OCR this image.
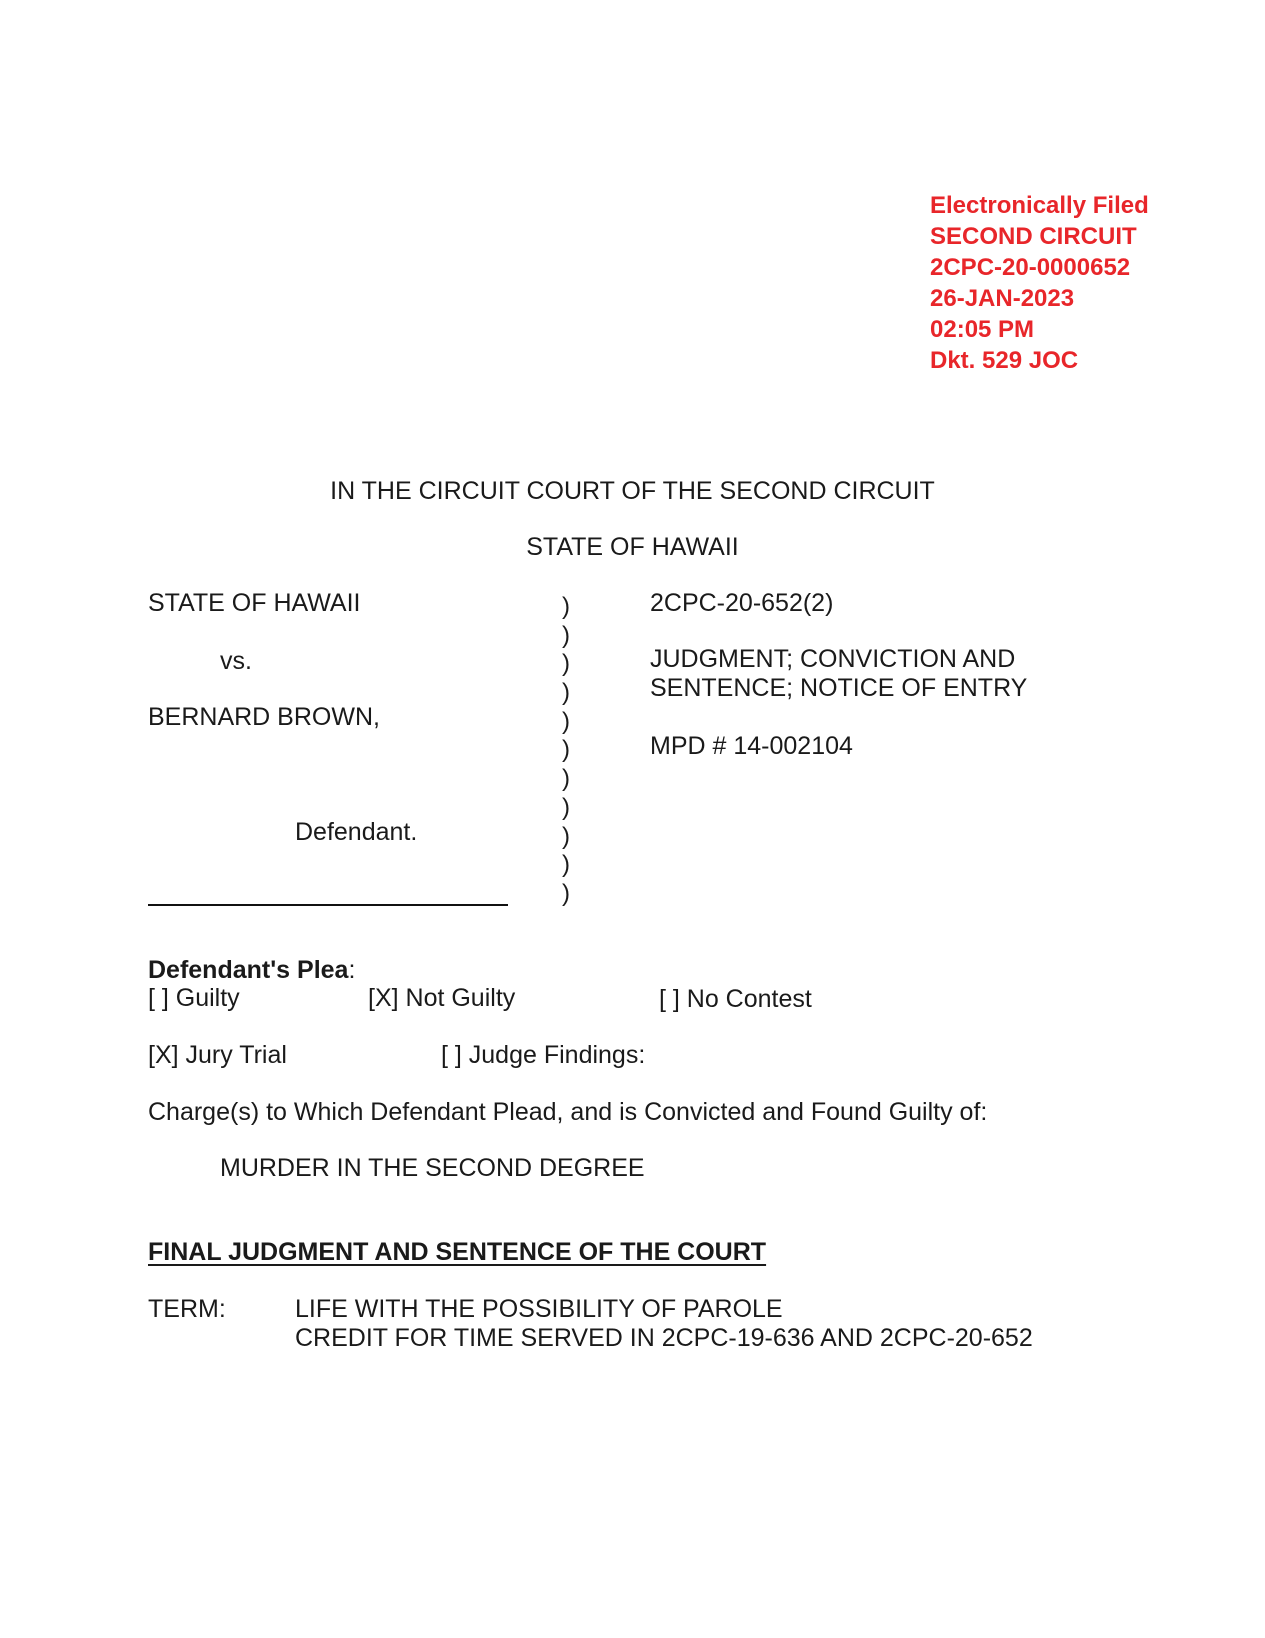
Electronically Filed
SECOND CIRCUIT
2CPC-20-0000652
26-JAN-2023
02:05 PM
Dkt. 529 JOC
IN THE CIRCUIT COURT OF THE SECOND CIRCUIT
STATE OF HAWAII
STATE OF HAWAII
vs.
BERNARD BROWN,
Defendant.
)
)
)
)
)
)
)
)
)
)
)
2CPC-20-652(2)
JUDGMENT; CONVICTION AND
SENTENCE; NOTICE OF ENTRY
MPD # 14-002104
Defendant's Plea:
[ ] Guilty	[X] Not Guilty	[ ] No Contest
[X] Jury Trial	[ ] Judge Findings:
Charge(s) to Which Defendant Plead, and is Convicted and Found Guilty of:
MURDER IN THE SECOND DEGREE
FINAL JUDGMENT AND SENTENCE OF THE COURT
TERM:	LIFE WITH THE POSSIBILITY OF PAROLE
CREDIT FOR TIME SERVED IN 2CPC-19-636 AND 2CPC-20-652
